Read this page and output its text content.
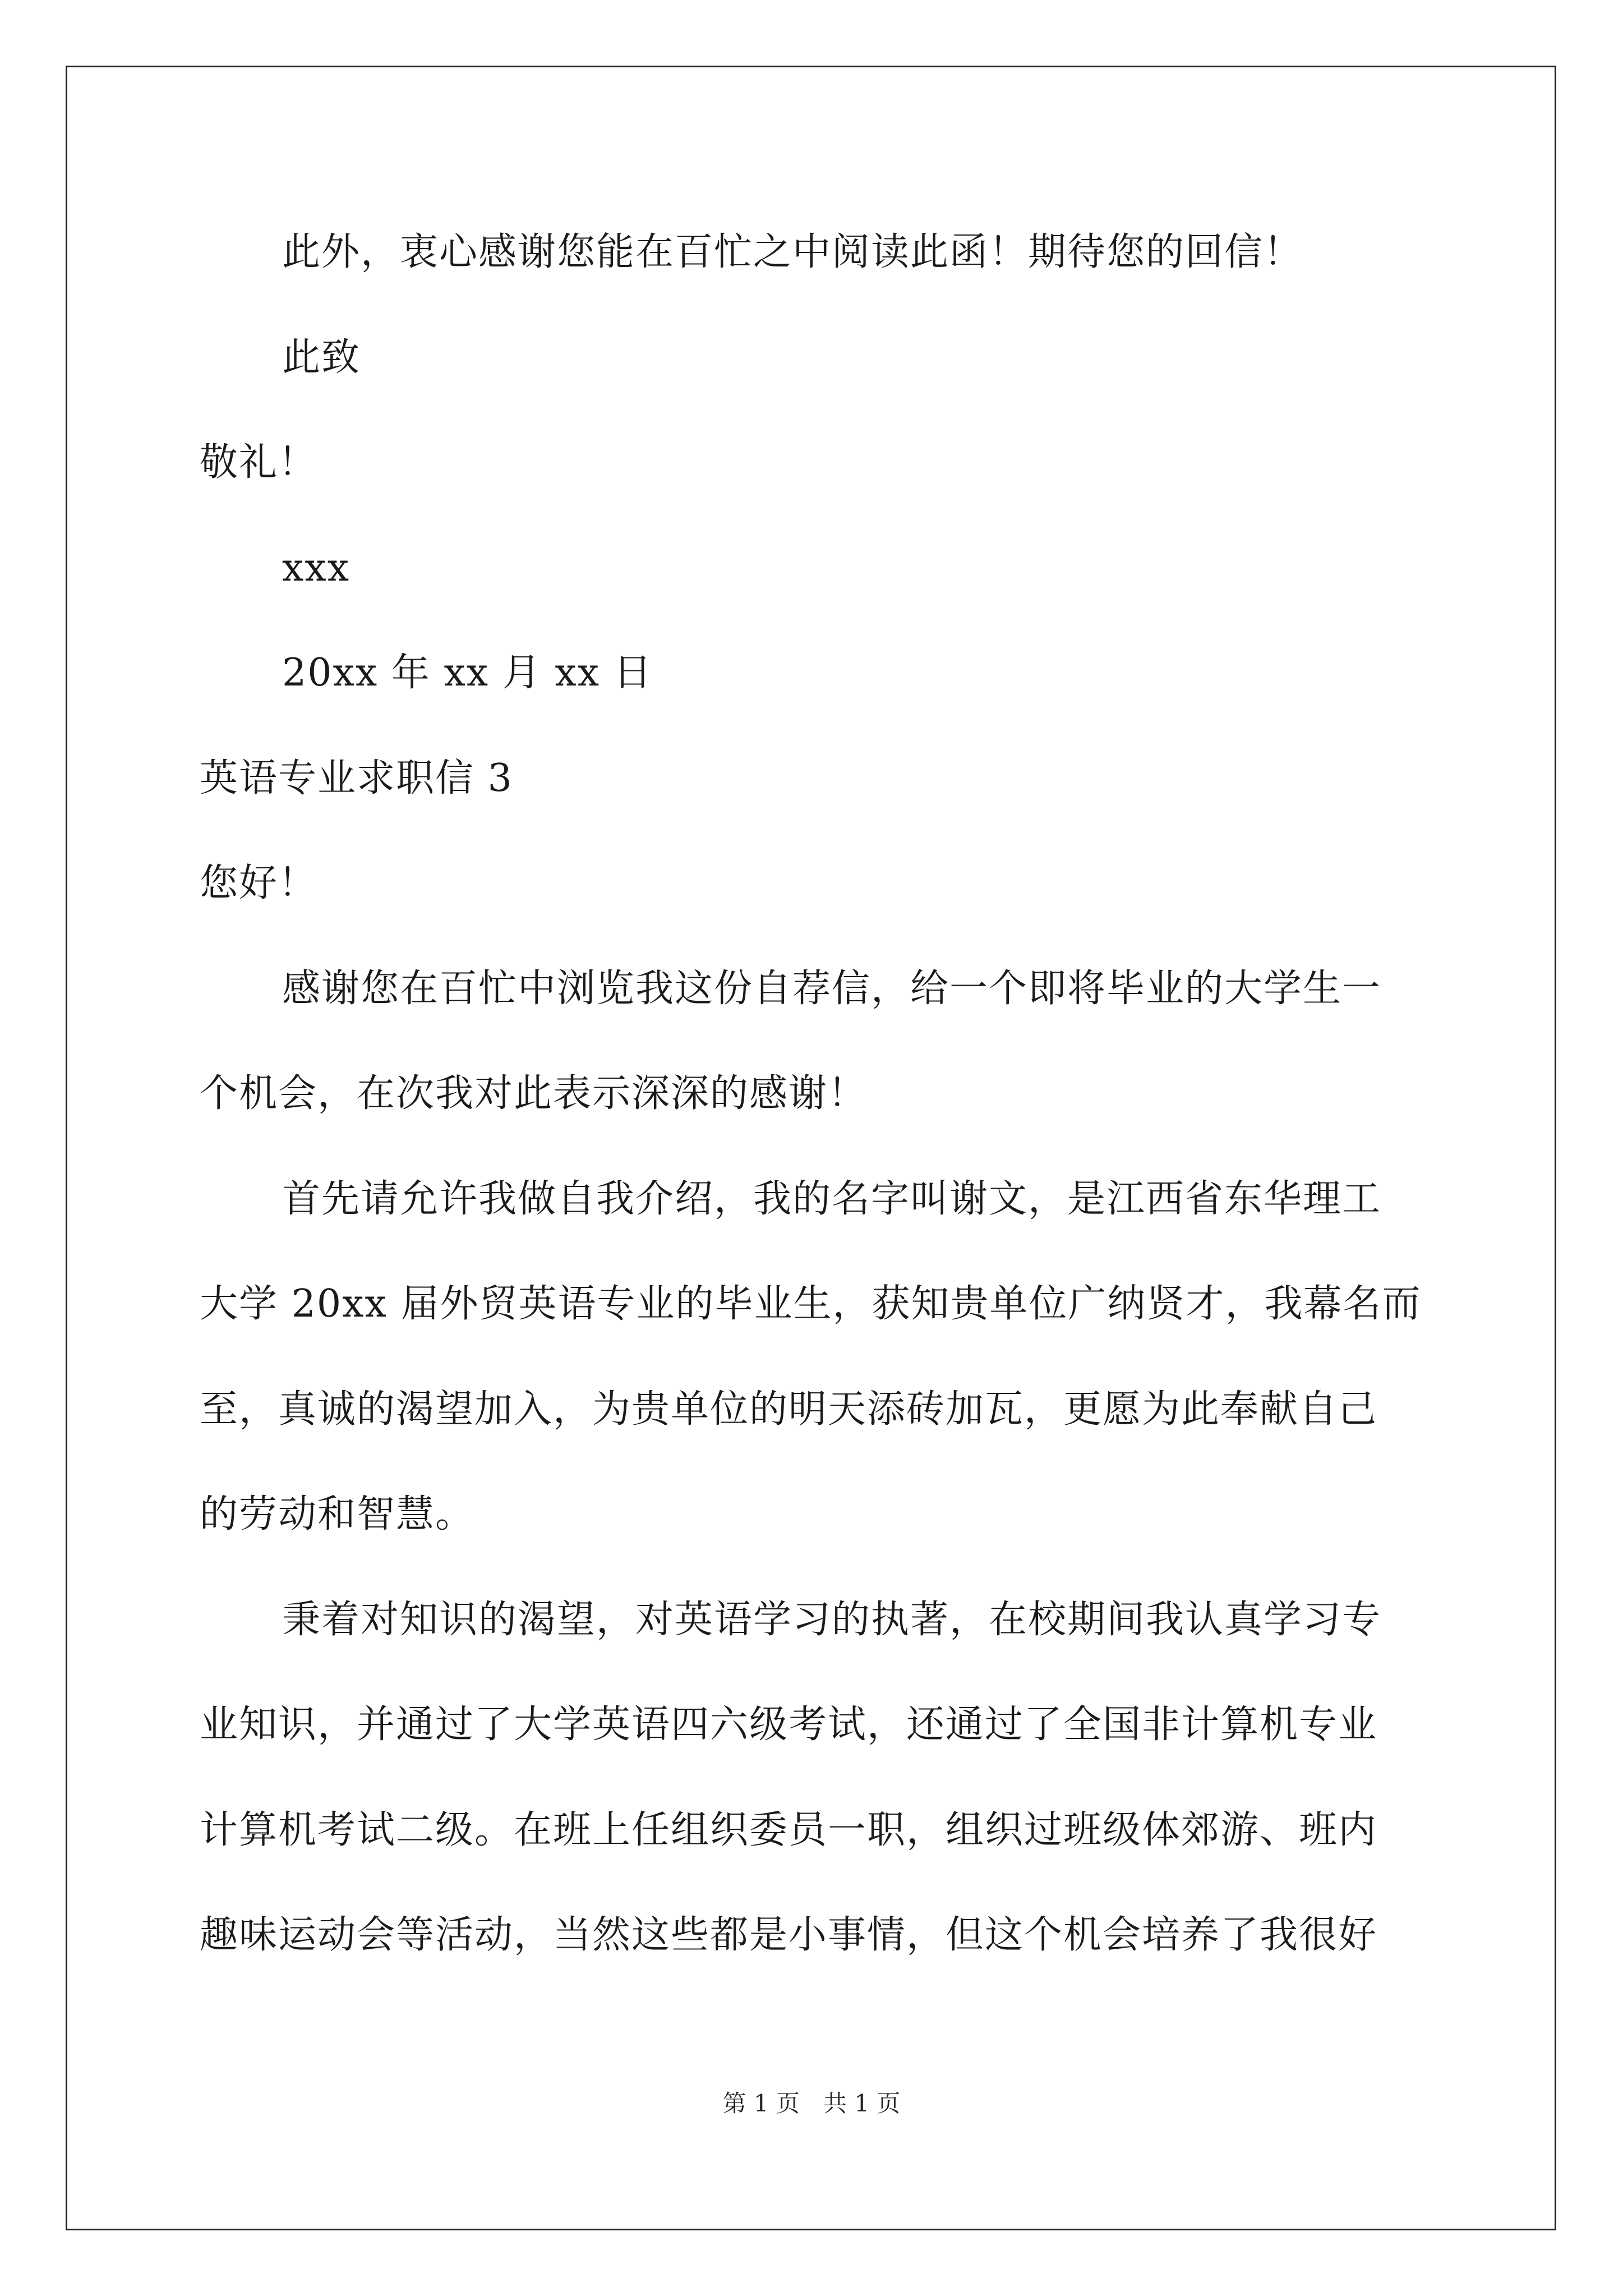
此外，衷心感谢您能在百忙之中阅读此函！期待您的回信！
此致
敬礼！
xxx
20xx 年 xx 月 xx 日
英语专业求职信 3
您好！
感谢您在百忙中浏览我这份自荐信，给一个即将毕业的大学生一
个机会，在次我对此表示深深的感谢！
首先请允许我做自我介绍，我的名字叫谢文，是江西省东华理工
大学 20xx 届外贸英语专业的毕业生，获知贵单位广纳贤才，我幕名而
至，真诚的渴望加入，为贵单位的明天添砖加瓦，更愿为此奉献自己
的劳动和智慧。
秉着对知识的渴望，对英语学习的执著，在校期间我认真学习专
业知识，并通过了大学英语四六级考试，还通过了全国非计算机专业
计算机考试二级。在班上任组织委员一职，组织过班级体郊游、班内
趣味运动会等活动，当然这些都是小事情，但这个机会培养了我很好
第 1 页　共 1 页
